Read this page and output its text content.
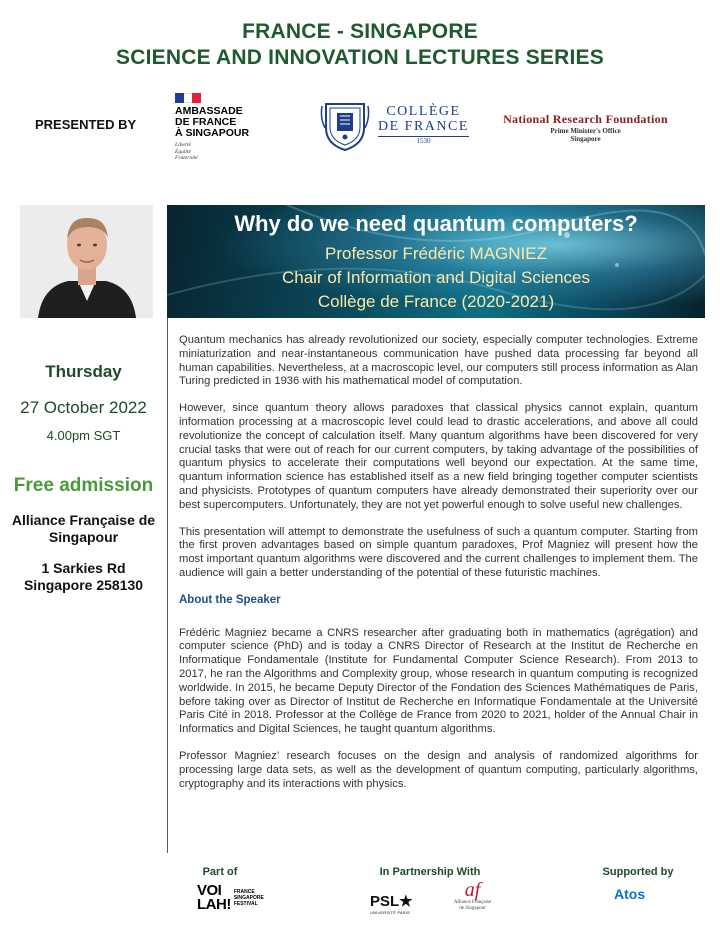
FRANCE - SINGAPORE
SCIENCE AND INNOVATION LECTURES SERIES
PRESENTED BY
AMBASSADE
DE FRANCE
À SINGAPOUR
Liberté
Égalité
Fraternité
COLLÈGE
DE FRANCE
1530
National Research Foundation
Prime Minister's Office
Singapore
Why do we need quantum computers?
Professor Frédéric MAGNIEZ
Chair of Information and Digital Sciences
Collège de France (2020-2021)
Thursday
27 October 2022
4.00pm SGT
Free admission
Alliance Française de
Singapour
1 Sarkies Rd
Singapore 258130

Quantum mechanics has already revolutionized our society, especially computer technologies. Extreme miniaturization and near-instantaneous communication have pushed data processing far beyond all human capabilities. Nevertheless, at a macroscopic level, our computers still process information as Alan Turing predicted in 1936 with his mathematical model of computation.

However, since quantum theory allows paradoxes that classical physics cannot explain, quantum information processing at a macroscopic level could lead to drastic accelerations, and above all could revolutionize the concept of calculation itself. Many quantum algorithms have been discovered for very crucial tasks that were out of reach for our current computers, by taking advantage of the possibilities of quantum physics to accelerate their computations well beyond our expectation. At the same time, quantum information science has established itself as a new field bringing together computer scientists and physicists. Prototypes of quantum computers have already demonstrated their superiority over our best supercomputers. Unfortunately, they are not yet powerful enough to solve useful new challenges.

This presentation will attempt to demonstrate the usefulness of such a quantum computer. Starting from the first proven advantages based on simple quantum paradoxes, Prof Magniez will present how the most important quantum algorithms were discovered and the current challenges to implement them. The audience will gain a better understanding of the potential of these futuristic machines.

About the Speaker

Frédéric Magniez became a CNRS researcher after graduating both in mathematics (agrégation) and computer science (PhD) and is today a CNRS Director of Research at the Institut de Recherche en Informatique Fondamentale (Institute for Fundamental Computer Science Research). From 2013 to 2017, he ran the Algorithms and Complexity group, whose research in quantum computing is recognized worldwide. In 2015, he became Deputy Director of the Fondation des Sciences Mathématiques de Paris, before taking over as Director of Institut de Recherche en Informatique Fondamentale at the Université Paris Cité in 2018. Professor at the Collège de France from 2020 to 2021, holder of the Annual Chair in Informatics and Digital Sciences, he taught quantum algorithms.

Professor Magniez’ research focuses on the design and analysis of randomized algorithms for processing large data sets, as well as the development of quantum computing, particularly algorithms, cryptography and its interactions with physics.

Part of	In Partnership With	Supported by
VOI
LAH!
FRANCE
SINGAPORE
FESTIVAL	PSL★
UNIVERSITÉ PARIS
af
Alliance Française
de Singapour
Atos
